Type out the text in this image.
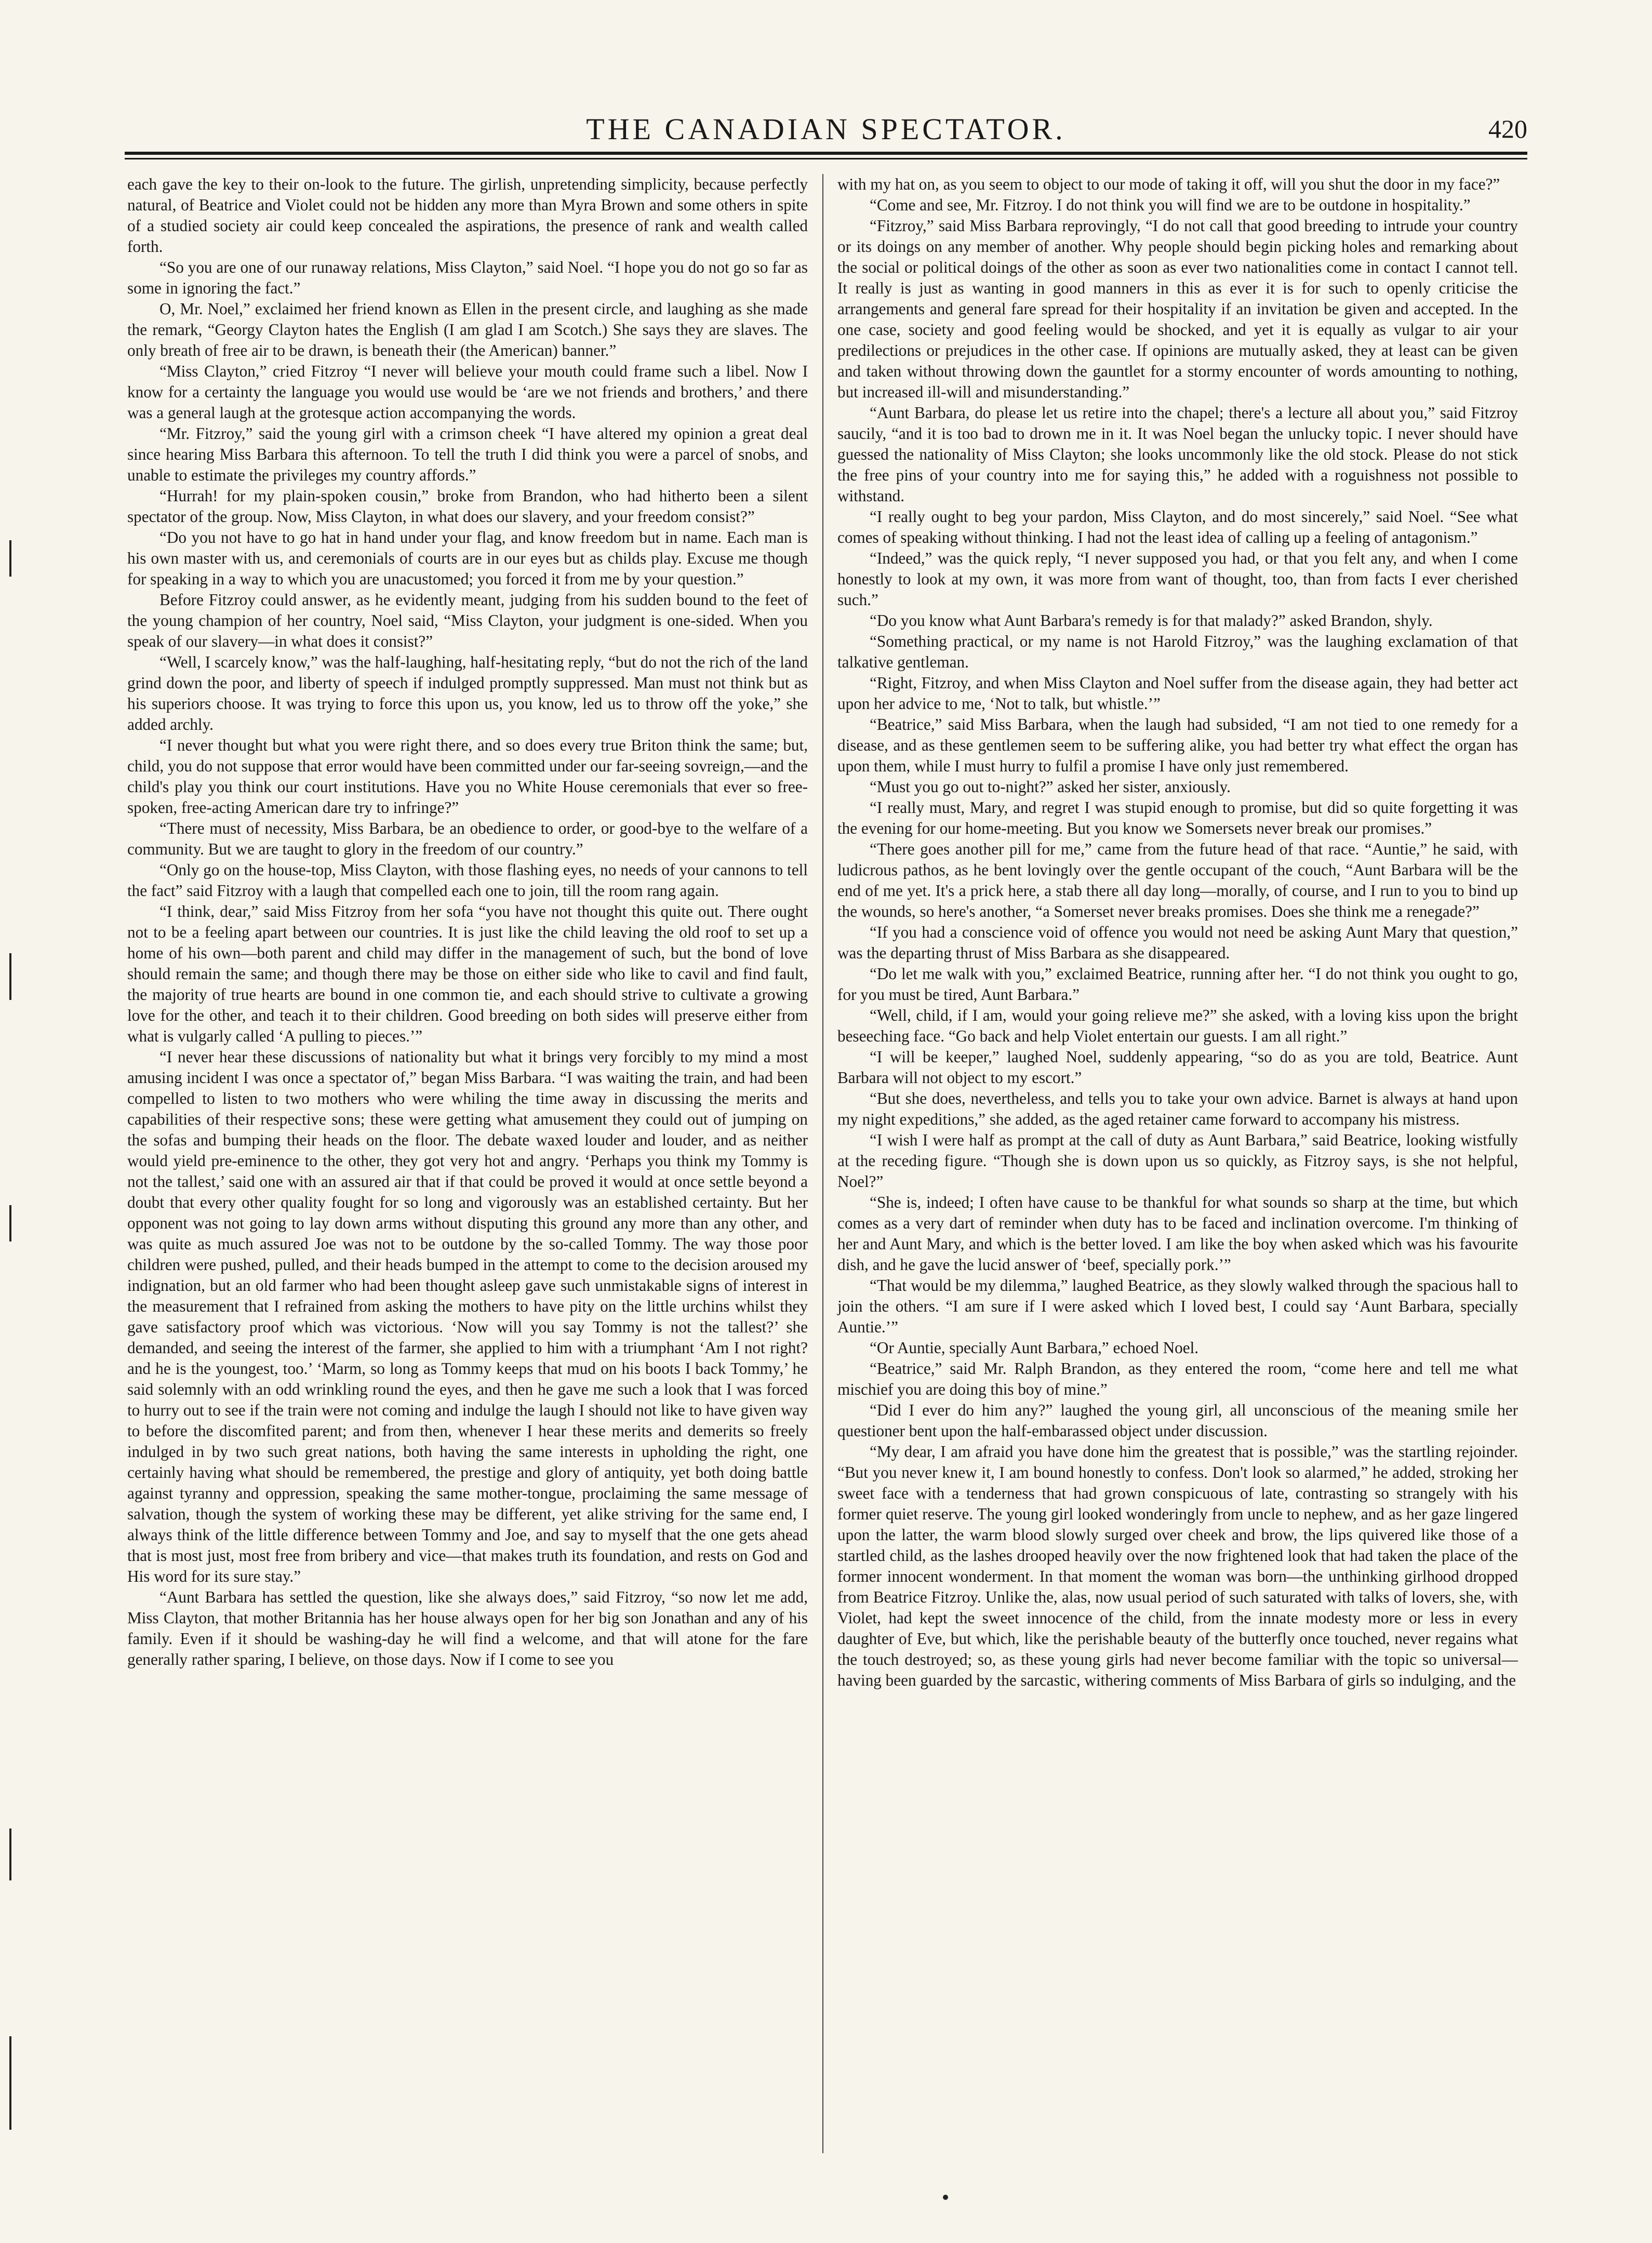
THE CANADIAN SPECTATOR.	420

each gave the key to their on-look to the future. The girlish, unpretending simplicity, because perfectly natural, of Beatrice and Violet could not be hidden any more than Myra Brown and some others in spite of a studied society air could keep concealed the aspirations, the presence of rank and wealth called forth.

“So you are one of our runaway relations, Miss Clayton,” said Noel. “I hope you do not go so far as some in ignoring the fact.”

O, Mr. Noel,” exclaimed her friend known as Ellen in the present circle, and laughing as she made the remark, “Georgy Clayton hates the English (I am glad I am Scotch.) She says they are slaves. The only breath of free air to be drawn, is beneath their (the American) banner.”

“Miss Clayton,” cried Fitzroy “I never will believe your mouth could frame such a libel. Now I know for a certainty the language you would use would be ‘are we not friends and brothers,’ and there was a general laugh at the grotesque action accompanying the words.

“Mr. Fitzroy,” said the young girl with a crimson cheek “I have altered my opinion a great deal since hearing Miss Barbara this afternoon. To tell the truth I did think you were a parcel of snobs, and unable to estimate the privileges my country affords.”

“Hurrah! for my plain-spoken cousin,” broke from Brandon, who had hitherto been a silent spectator of the group. Now, Miss Clayton, in what does our slavery, and your freedom consist?”

“Do you not have to go hat in hand under your flag, and know freedom but in name. Each man is his own master with us, and ceremonials of courts are in our eyes but as childs play. Excuse me though for speaking in a way to which you are unacustomed; you forced it from me by your question.”

Before Fitzroy could answer, as he evidently meant, judging from his sudden bound to the feet of the young champion of her country, Noel said, “Miss Clayton, your judgment is one-sided. When you speak of our slavery—in what does it consist?”

“Well, I scarcely know,” was the half-laughing, half-hesitating reply, “but do not the rich of the land grind down the poor, and liberty of speech if indulged promptly suppressed. Man must not think but as his superiors choose. It was trying to force this upon us, you know, led us to throw off the yoke,” she added archly.

“I never thought but what you were right there, and so does every true Briton think the same; but, child, you do not suppose that error would have been committed under our far-seeing sovreign,—and the child's play you think our court institutions. Have you no White House ceremonials that ever so free-spoken, free-acting American dare try to infringe?”

“There must of necessity, Miss Barbara, be an obedience to order, or good-bye to the welfare of a community. But we are taught to glory in the freedom of our country.”

“Only go on the house-top, Miss Clayton, with those flashing eyes, no needs of your cannons to tell the fact” said Fitzroy with a laugh that compelled each one to join, till the room rang again.

“I think, dear,” said Miss Fitzroy from her sofa “you have not thought this quite out. There ought not to be a feeling apart between our countries. It is just like the child leaving the old roof to set up a home of his own—both parent and child may differ in the management of such, but the bond of love should remain the same; and though there may be those on either side who like to cavil and find fault, the majority of true hearts are bound in one common tie, and each should strive to cultivate a growing love for the other, and teach it to their children. Good breeding on both sides will preserve either from what is vulgarly called ‘A pulling to pieces.’”

“I never hear these discussions of nationality but what it brings very forcibly to my mind a most amusing incident I was once a spectator of,” began Miss Barbara. “I was waiting the train, and had been compelled to listen to two mothers who were whiling the time away in discussing the merits and capabilities of their respective sons; these were getting what amusement they could out of jumping on the sofas and bumping their heads on the floor. The debate waxed louder and louder, and as neither would yield pre-eminence to the other, they got very hot and angry. ‘Perhaps you think my Tommy is not the tallest,’ said one with an assured air that if that could be proved it would at once settle beyond a doubt that every other quality fought for so long and vigorously was an established certainty. But her opponent was not going to lay down arms without disputing this ground any more than any other, and was quite as much assured Joe was not to be outdone by the so-called Tommy. The way those poor children were pushed, pulled, and their heads bumped in the attempt to come to the decision aroused my indignation, but an old farmer who had been thought asleep gave such unmistakable signs of interest in the measurement that I refrained from asking the mothers to have pity on the little urchins whilst they gave satisfactory proof which was victorious. ‘Now will you say Tommy is not the tallest?’ she demanded, and seeing the interest of the farmer, she applied to him with a triumphant ‘Am I not right? and he is the youngest, too.’ ‘Marm, so long as Tommy keeps that mud on his boots I back Tommy,’ he said solemnly with an odd wrinkling round the eyes, and then he gave me such a look that I was forced to hurry out to see if the train were not coming and indulge the laugh I should not like to have given way to before the discomfited parent; and from then, whenever I hear these merits and demerits so freely indulged in by two such great nations, both having the same interests in upholding the right, one certainly having what should be remembered, the prestige and glory of antiquity, yet both doing battle against tyranny and oppression, speaking the same mother-tongue, proclaiming the same message of salvation, though the system of working these may be different, yet alike striving for the same end, I always think of the little difference between Tommy and Joe, and say to myself that the one gets ahead that is most just, most free from bribery and vice—that makes truth its foundation, and rests on God and His word for its sure stay.”

“Aunt Barbara has settled the question, like she always does,” said Fitzroy, “so now let me add, Miss Clayton, that mother Britannia has her house always open for her big son Jonathan and any of his family. Even if it should be washing-day he will find a welcome, and that will atone for the fare generally rather sparing, I believe, on those days. Now if I come to see you

with my hat on, as you seem to object to our mode of taking it off, will you shut the door in my face?”

“Come and see, Mr. Fitzroy. I do not think you will find we are to be outdone in hospitality.”

“Fitzroy,” said Miss Barbara reprovingly, “I do not call that good breeding to intrude your country or its doings on any member of another. Why people should begin picking holes and remarking about the social or political doings of the other as soon as ever two nationalities come in contact I cannot tell. It really is just as wanting in good manners in this as ever it is for such to openly criticise the arrangements and general fare spread for their hospitality if an invitation be given and accepted. In the one case, society and good feeling would be shocked, and yet it is equally as vulgar to air your predilections or prejudices in the other case. If opinions are mutually asked, they at least can be given and taken without throwing down the gauntlet for a stormy encounter of words amounting to nothing, but increased ill-will and misunderstanding.”

“Aunt Barbara, do please let us retire into the chapel; there's a lecture all about you,” said Fitzroy saucily, “and it is too bad to drown me in it. It was Noel began the unlucky topic. I never should have guessed the nationality of Miss Clayton; she looks uncommonly like the old stock. Please do not stick the free pins of your country into me for saying this,” he added with a roguishness not possible to withstand.

“I really ought to beg your pardon, Miss Clayton, and do most sincerely,” said Noel. “See what comes of speaking without thinking. I had not the least idea of calling up a feeling of antagonism.”

“Indeed,” was the quick reply, “I never supposed you had, or that you felt any, and when I come honestly to look at my own, it was more from want of thought, too, than from facts I ever cherished such.”

“Do you know what Aunt Barbara's remedy is for that malady?” asked Brandon, shyly.

“Something practical, or my name is not Harold Fitzroy,” was the laughing exclamation of that talkative gentleman.

“Right, Fitzroy, and when Miss Clayton and Noel suffer from the disease again, they had better act upon her advice to me, ‘Not to talk, but whistle.’”

“Beatrice,” said Miss Barbara, when the laugh had subsided, “I am not tied to one remedy for a disease, and as these gentlemen seem to be suffering alike, you had better try what effect the organ has upon them, while I must hurry to fulfil a promise I have only just remembered.

“Must you go out to-night?” asked her sister, anxiously.

“I really must, Mary, and regret I was stupid enough to promise, but did so quite forgetting it was the evening for our home-meeting. But you know we Somersets never break our promises.”

“There goes another pill for me,” came from the future head of that race. “Auntie,” he said, with ludicrous pathos, as he bent lovingly over the gentle occupant of the couch, “Aunt Barbara will be the end of me yet. It's a prick here, a stab there all day long—morally, of course, and I run to you to bind up the wounds, so here's another, “a Somerset never breaks promises. Does she think me a renegade?”

“If you had a conscience void of offence you would not need be asking Aunt Mary that question,” was the departing thrust of Miss Barbara as she disappeared.

“Do let me walk with you,” exclaimed Beatrice, running after her. “I do not think you ought to go, for you must be tired, Aunt Barbara.”

“Well, child, if I am, would your going relieve me?” she asked, with a loving kiss upon the bright beseeching face. “Go back and help Violet entertain our guests. I am all right.”

“I will be keeper,” laughed Noel, suddenly appearing, “so do as you are told, Beatrice. Aunt Barbara will not object to my escort.”

“But she does, nevertheless, and tells you to take your own advice. Barnet is always at hand upon my night expeditions,” she added, as the aged retainer came forward to accompany his mistress.

“I wish I were half as prompt at the call of duty as Aunt Barbara,” said Beatrice, looking wistfully at the receding figure. “Though she is down upon us so quickly, as Fitzroy says, is she not helpful, Noel?”

“She is, indeed; I often have cause to be thankful for what sounds so sharp at the time, but which comes as a very dart of reminder when duty has to be faced and inclination overcome. I'm thinking of her and Aunt Mary, and which is the better loved. I am like the boy when asked which was his favourite dish, and he gave the lucid answer of ‘beef, specially pork.’”

“That would be my dilemma,” laughed Beatrice, as they slowly walked through the spacious hall to join the others. “I am sure if I were asked which I loved best, I could say ‘Aunt Barbara, specially Auntie.’”

“Or Auntie, specially Aunt Barbara,” echoed Noel.

“Beatrice,” said Mr. Ralph Brandon, as they entered the room, “come here and tell me what mischief you are doing this boy of mine.”

“Did I ever do him any?” laughed the young girl, all unconscious of the meaning smile her questioner bent upon the half-embarassed object under discussion.

“My dear, I am afraid you have done him the greatest that is possible,” was the startling rejoinder. “But you never knew it, I am bound honestly to confess. Don't look so alarmed,” he added, stroking her sweet face with a tenderness that had grown conspicuous of late, contrasting so strangely with his former quiet reserve. The young girl looked wonderingly from uncle to nephew, and as her gaze lingered upon the latter, the warm blood slowly surged over cheek and brow, the lips quivered like those of a startled child, as the lashes drooped heavily over the now frightened look that had taken the place of the former innocent wonderment. In that moment the woman was born—the unthinking girlhood dropped from Beatrice Fitzroy. Unlike the, alas, now usual period of such saturated with talks of lovers, she, with Violet, had kept the sweet innocence of the child, from the innate modesty more or less in every daughter of Eve, but which, like the perishable beauty of the butterfly once touched, never regains what the touch destroyed; so, as these young girls had never become familiar with the topic so universal—having been guarded by the sarcastic, withering comments of Miss Barbara of girls so indulging, and the
